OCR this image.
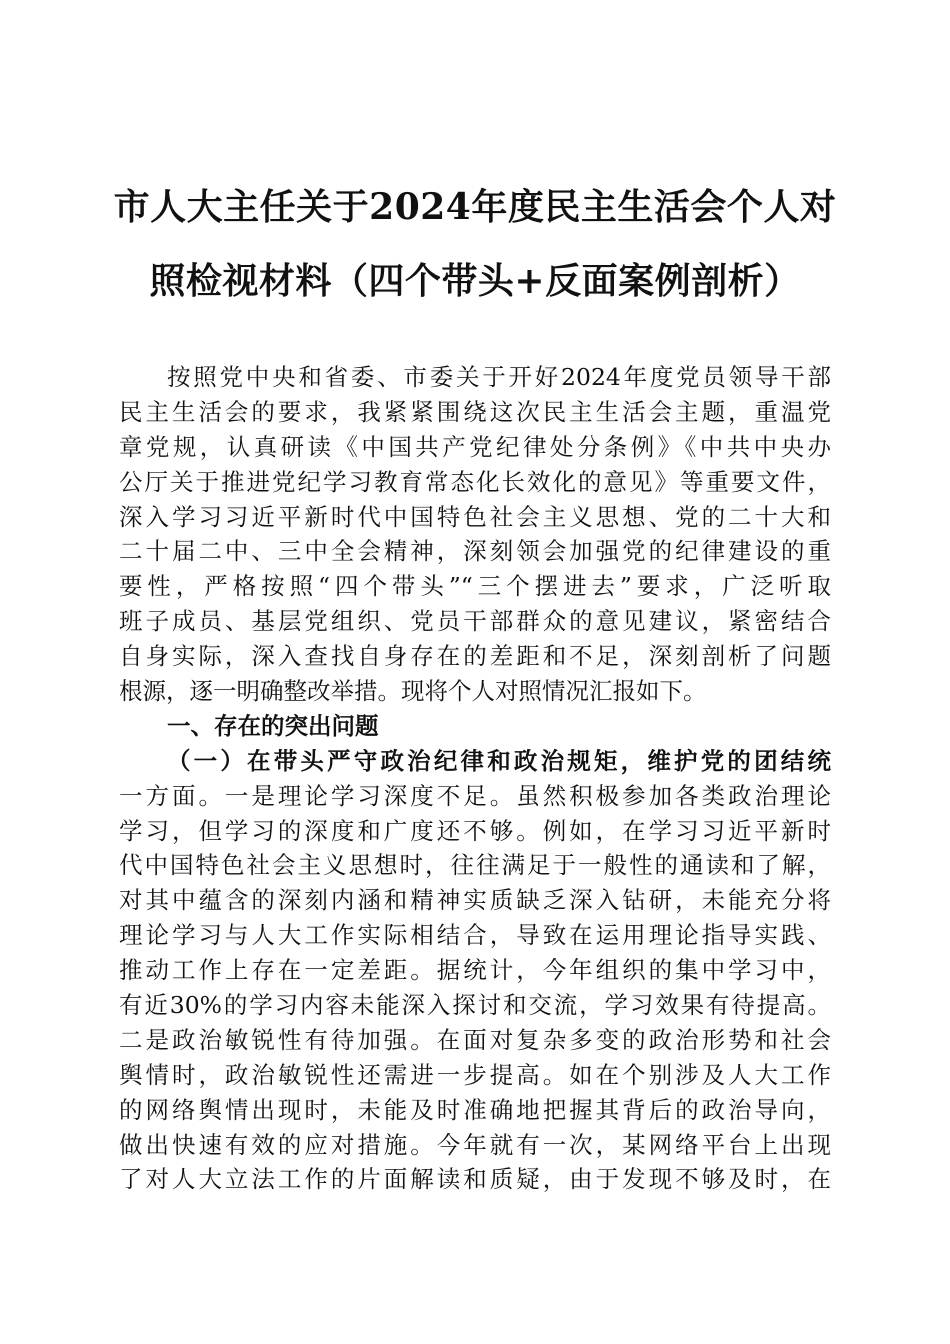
市人大主任关于2024年度民主生活会个人对
照检视材料（四个带头+反面案例剖析）
按照党中央和省委、市委关于开好2024年度党员领导干部
民主生活会的要求，我紧紧围绕这次民主生活会主题，重温党
章党规，认真研读《中国共产党纪律处分条例》《中共中央办
公厅关于推进党纪学习教育常态化长效化的意见》等重要文件，
深入学习习近平新时代中国特色社会主义思想、党的二十大和
二十届二中、三中全会精神，深刻领会加强党的纪律建设的重
要性，严格按照“四个带头”“三个摆进去”要求，广泛听取
班子成员、基层党组织、党员干部群众的意见建议，紧密结合
自身实际，深入查找自身存在的差距和不足，深刻剖析了问题
根源，逐一明确整改举措。现将个人对照情况汇报如下。
一、存在的突出问题
（一）在带头严守政治纪律和政治规矩，维护党的团结统
一方面。一是理论学习深度不足。虽然积极参加各类政治理论
学习，但学习的深度和广度还不够。例如，在学习习近平新时
代中国特色社会主义思想时，往往满足于一般性的通读和了解，
对其中蕴含的深刻内涵和精神实质缺乏深入钻研，未能充分将
理论学习与人大工作实际相结合，导致在运用理论指导实践、
推动工作上存在一定差距。据统计，今年组织的集中学习中，
有近30%的学习内容未能深入探讨和交流，学习效果有待提高。
二是政治敏锐性有待加强。在面对复杂多变的政治形势和社会
舆情时，政治敏锐性还需进一步提高。如在个别涉及人大工作
的网络舆情出现时，未能及时准确地把握其背后的政治导向，
做出快速有效的应对措施。今年就有一次，某网络平台上出现
了对人大立法工作的片面解读和质疑，由于发现不够及时，在
